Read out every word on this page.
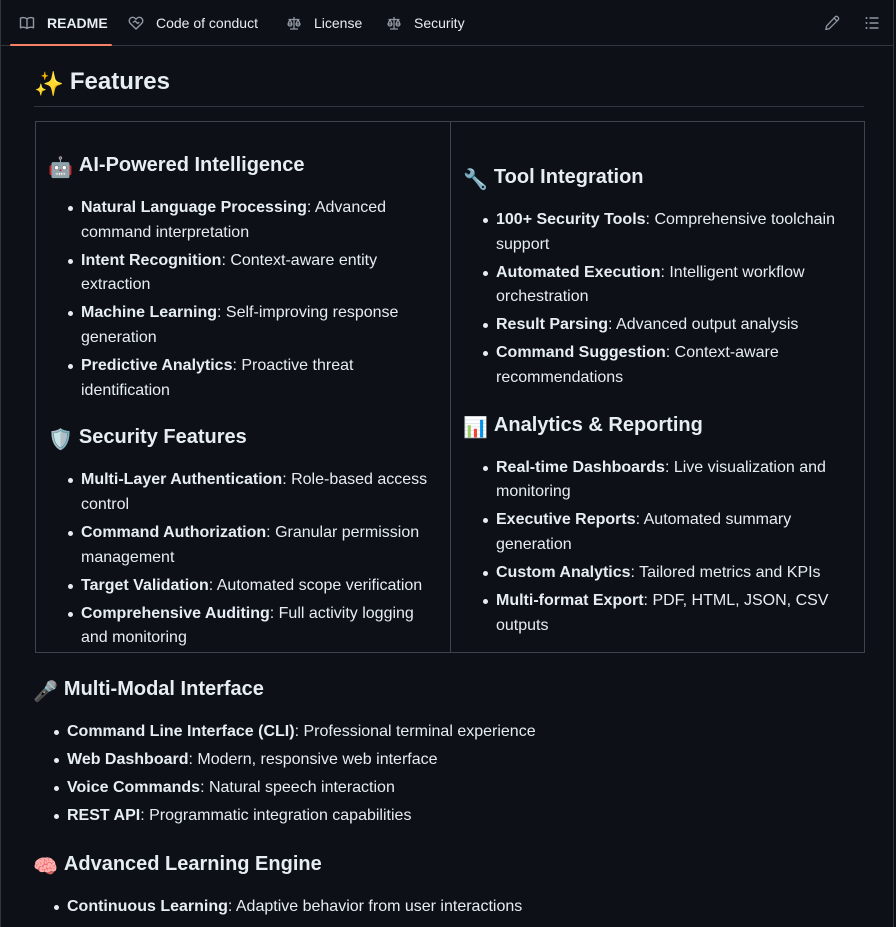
README	Code of conduct	License	Security
✨ Features
🤖 AI-Powered Intelligence
Natural Language Processing: Advanced command interpretation
Intent Recognition: Context-aware entity extraction
Machine Learning: Self-improving response generation
Predictive Analytics: Proactive threat identification
🛡️ Security Features
Multi-Layer Authentication: Role-based access control
Command Authorization: Granular permission management
Target Validation: Automated scope verification
Comprehensive Auditing: Full activity logging and monitoring
🔧 Tool Integration
100+ Security Tools: Comprehensive toolchain support
Automated Execution: Intelligent workflow orchestration
Result Parsing: Advanced output analysis
Command Suggestion: Context-aware recommendations
📊 Analytics & Reporting
Real-time Dashboards: Live visualization and monitoring
Executive Reports: Automated summary generation
Custom Analytics: Tailored metrics and KPIs
Multi-format Export: PDF, HTML, JSON, CSV outputs
🎤 Multi-Modal Interface
Command Line Interface (CLI): Professional terminal experience
Web Dashboard: Modern, responsive web interface
Voice Commands: Natural speech interaction
REST API: Programmatic integration capabilities
🧠 Advanced Learning Engine
Continuous Learning: Adaptive behavior from user interactions
